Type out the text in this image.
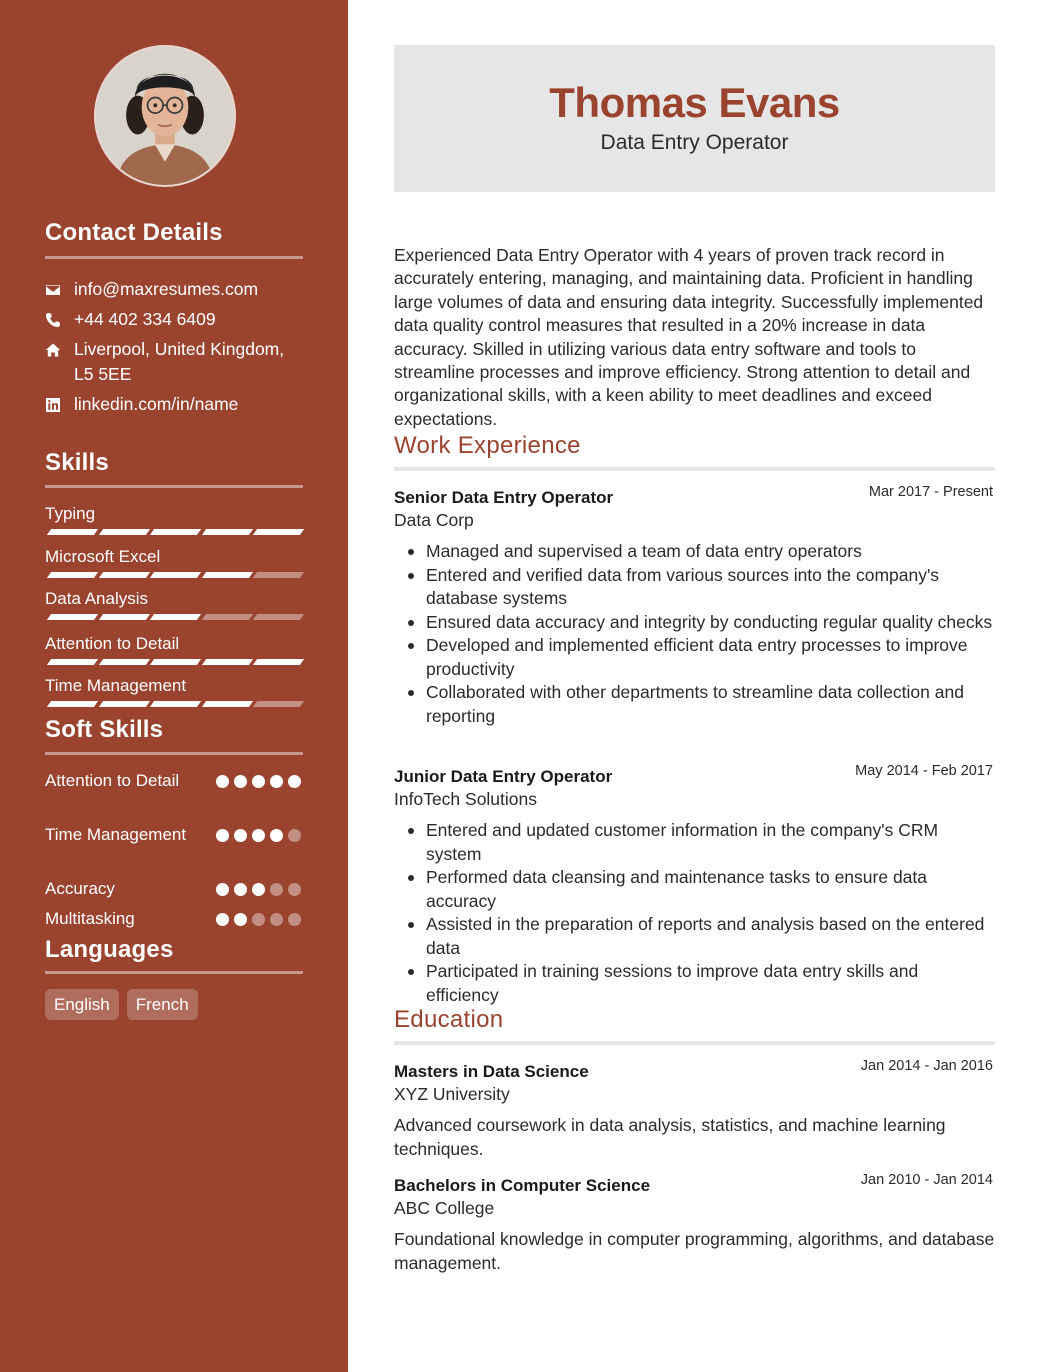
Contact Details
info@maxresumes.com
+44 402 334 6409
Liverpool, United Kingdom,
L5 5EE
linkedin.com/in/name
Skills
Typing
Microsoft Excel
Data Analysis
Attention to Detail
Time Management
Soft Skills
Attention to Detail
Time Management
Accuracy
Multitasking
Languages
English	French
Thomas Evans
Data Entry Operator
Experienced Data Entry Operator with 4 years of proven track record in accurately entering, managing, and maintaining data. Proficient in handling large volumes of data and ensuring data integrity. Successfully implemented data quality control measures that resulted in a 20% increase in data accuracy. Skilled in utilizing various data entry software and tools to streamline processes and improve efficiency. Strong attention to detail and organizational skills, with a keen ability to meet deadlines and exceed expectations.
Work Experience
Senior Data Entry Operator	Mar 2017 - Present
Data Corp
Managed and supervised a team of data entry operators
Entered and verified data from various sources into the company's database systems
Ensured data accuracy and integrity by conducting regular quality checks
Developed and implemented efficient data entry processes to improve productivity
Collaborated with other departments to streamline data collection and reporting
Junior Data Entry Operator	May 2014 - Feb 2017
InfoTech Solutions
Entered and updated customer information in the company's CRM system
Performed data cleansing and maintenance tasks to ensure data accuracy
Assisted in the preparation of reports and analysis based on the entered data
Participated in training sessions to improve data entry skills and efficiency
Education
Masters in Data Science	Jan 2014 - Jan 2016
XYZ University
Advanced coursework in data analysis, statistics, and machine learning techniques.
Bachelors in Computer Science	Jan 2010 - Jan 2014
ABC College
Foundational knowledge in computer programming, algorithms, and database management.
